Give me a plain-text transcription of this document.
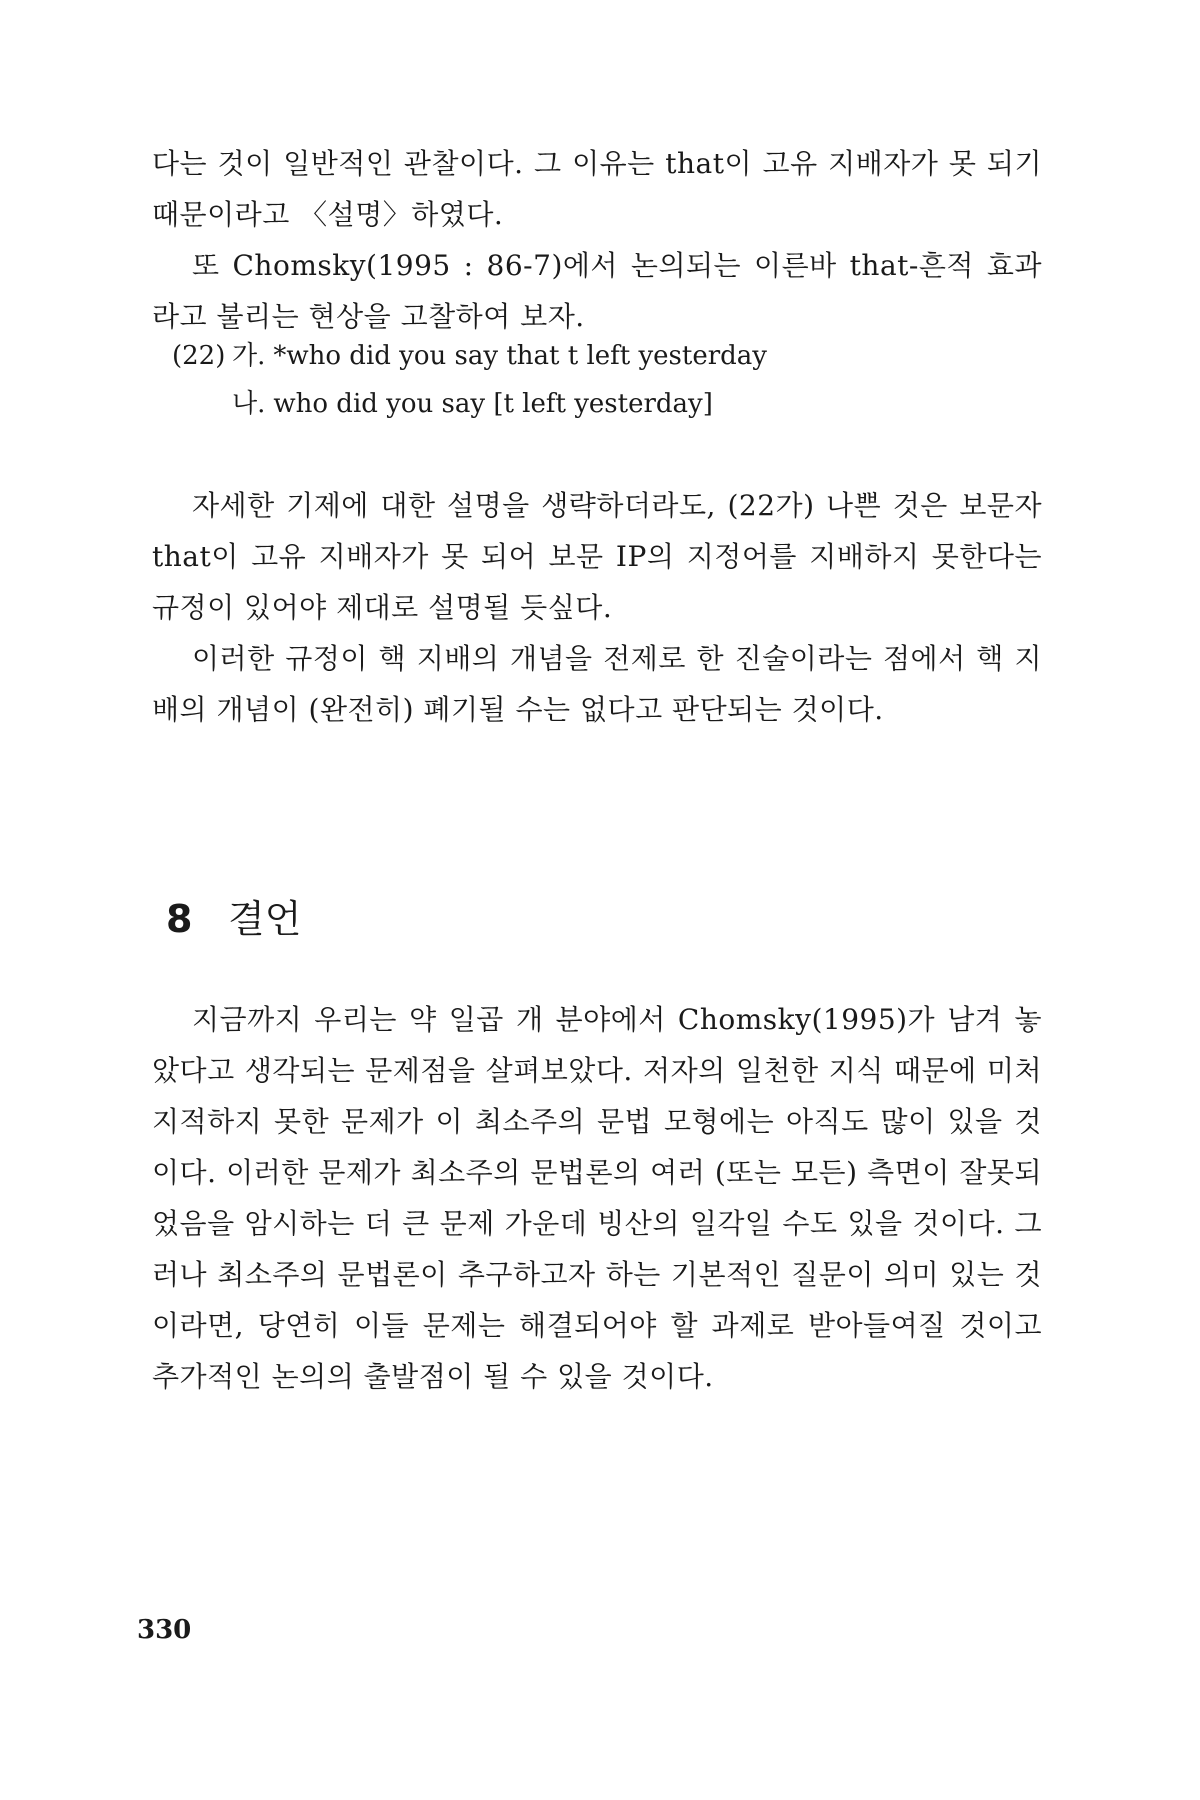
다는 것이 일반적인 관찰이다. 그 이유는 that이 고유 지배자가 못 되기 때문이라고 〈설명〉하였다.

또 Chomsky(1995 : 86-7)에서 논의되는 이른바 that-흔적 효과라고 불리는 현상을 고찰하여 보자.

(22) 가. *who did you say that t left yesterday
나. who did you say [t left yesterday]

자세한 기제에 대한 설명을 생략하더라도, (22가) 나쁜 것은 보문자 that이 고유 지배자가 못 되어 보문 IP의 지정어를 지배하지 못한다는 규정이 있어야 제대로 설명될 듯싶다.

이러한 규정이 핵 지배의 개념을 전제로 한 진술이라는 점에서 핵 지배의 개념이 (완전히) 폐기될 수는 없다고 판단되는 것이다.

8 결언

지금까지 우리는 약 일곱 개 분야에서 Chomsky(1995)가 남겨 놓았다고 생각되는 문제점을 살펴보았다. 저자의 일천한 지식 때문에 미처 지적하지 못한 문제가 이 최소주의 문법 모형에는 아직도 많이 있을 것이다. 이러한 문제가 최소주의 문법론의 여러 (또는 모든) 측면이 잘못되었음을 암시하는 더 큰 문제 가운데 빙산의 일각일 수도 있을 것이다. 그러나 최소주의 문법론이 추구하고자 하는 기본적인 질문이 의미 있는 것이라면, 당연히 이들 문제는 해결되어야 할 과제로 받아들여질 것이고 추가적인 논의의 출발점이 될 수 있을 것이다.

330
